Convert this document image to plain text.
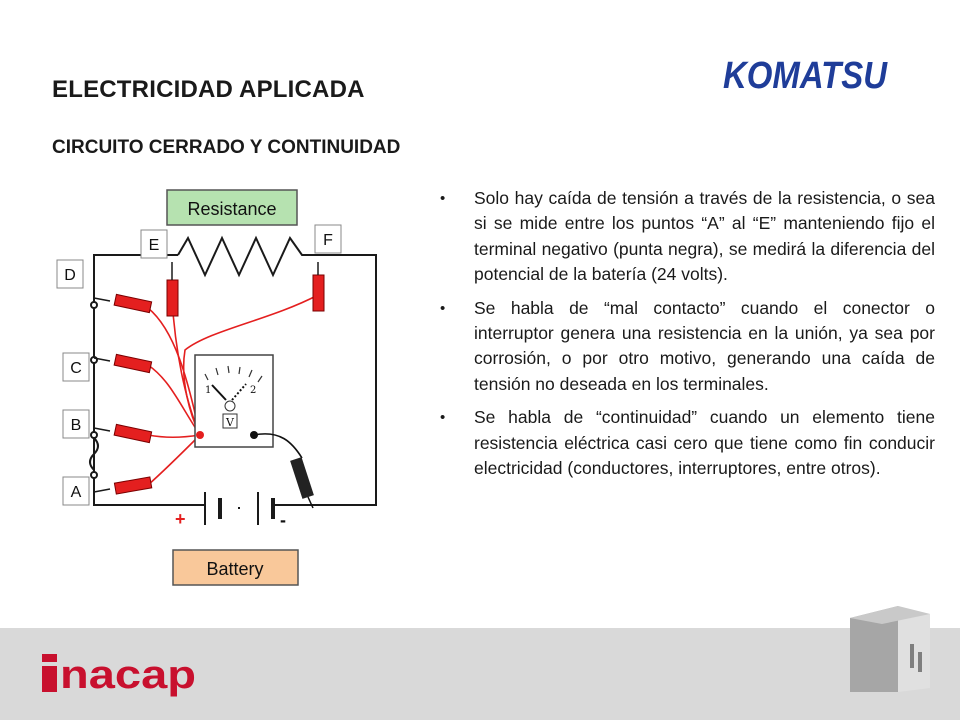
ELECTRICIDAD APLICADA
CIRCUITO CERRADO Y CONTINUIDAD
KOMATSU
Resistance
Battery
+	-
D
C
B
A
E	F
1	2
V
• Solo hay caída de tensión a través de la resistencia, o sea si se mide entre los puntos “A” al “E” manteniendo fijo el terminal negativo (punta negra), se medirá la diferencia del potencial de la batería (24 volts).
• Se habla de “mal contacto” cuando el conector o interruptor genera una resistencia en la unión, ya sea por corrosión, o por otro motivo, generando una caída de tensión no deseada en los terminales.
• Se habla de “continuidad” cuando un elemento tiene resistencia eléctrica casi cero que tiene como fin conducir electricidad (conductores, interruptores, entre otros).
nacap
